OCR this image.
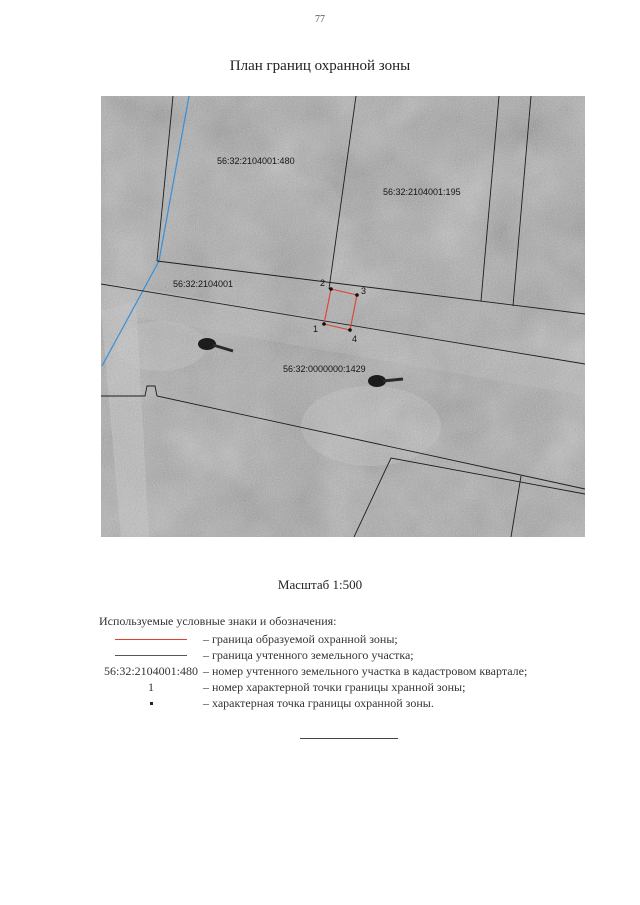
77
План границ охранной зоны
1
2
3
4
56:32:2104001:480
56:32:2104001:195
56:32:2104001
56:32:0000000:1429
Масштаб 1:500
Используемые условные знаки и обозначения:
– граница образуемой охранной зоны;
– граница учтенного земельного участка;
56:32:2104001:480 – номер учтенного земельного участка в кадастровом квартале;
1	– номер характерной точки границы хранной зоны;
– характерная точка границы охранной зоны.
